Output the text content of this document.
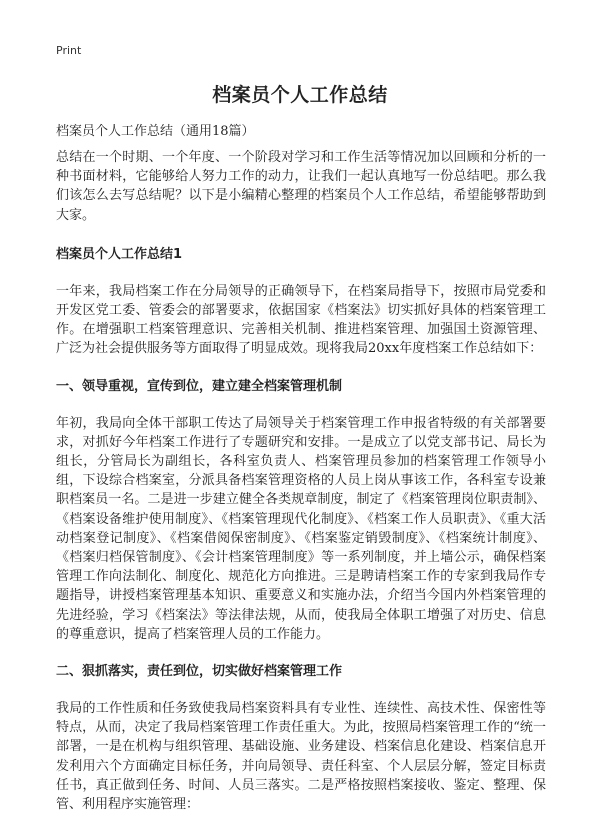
Print
档案员个人工作总结
档案员个人工作总结（通用18篇）

总结在一个时期、一个年度、一个阶段对学习和工作生活等情况加以回顾和分析的一种书面材料，它能够给人努力工作的动力，让我们一起认真地写一份总结吧。那么我们该怎么去写总结呢？以下是小编精心整理的档案员个人工作总结，希望能够帮助到大家。

档案员个人工作总结1

一年来，我局档案工作在分局领导的正确领导下，在档案局指导下，按照市局党委和开发区党工委、管委会的部署要求，依据国家《档案法》切实抓好具体的档案管理工作。在增强职工档案管理意识、完善相关机制、推进档案管理、加强国土资源管理、广泛为社会提供服务等方面取得了明显成效。现将我局20xx年度档案工作总结如下：

一、领导重视，宣传到位，建立建全档案管理机制

年初，我局向全体干部职工传达了局领导关于档案管理工作申报省特级的有关部署要求，对抓好今年档案工作进行了专题研究和安排。一是成立了以党支部书记、局长为组长，分管局长为副组长，各科室负责人、档案管理员参加的档案管理工作领导小组，下设综合档案室，分派具备档案管理资格的人员上岗从事该工作，各科室专设兼职档案员一名。二是进一步建立健全各类规章制度，制定了《档案管理岗位职责制》、《档案设备维护使用制度》、《档案管理现代化制度》、《档案工作人员职责》、《重大活动档案登记制度》、《档案借阅保密制度》、《档案鉴定销毁制度》、《档案统计制度》、《档案归档保管制度》、《会计档案管理制度》等一系列制度，并上墙公示，确保档案管理工作向法制化、制度化、规范化方向推进。三是聘请档案工作的专家到我局作专题指导，讲授档案管理基本知识、重要意义和实施办法，介绍当今国内外档案管理的先进经验，学习《档案法》等法律法规，从而，使我局全体职工增强了对历史、信息的尊重意识，提高了档案管理人员的工作能力。

二、狠抓落实，责任到位，切实做好档案管理工作

我局的工作性质和任务致使我局档案资料具有专业性、连续性、高技术性、保密性等特点，从而，决定了我局档案管理工作责任重大。为此，按照局档案管理工作的“统一部署，一是在机构与组织管理、基础设施、业务建设、档案信息化建设、档案信息开发利用六个方面确定目标任务，并向局领导、责任科室、个人层层分解，签定目标责任书，真正做到任务、时间、人员三落实。二是严格按照档案接收、鉴定、整理、保管、利用程序实施管理：
